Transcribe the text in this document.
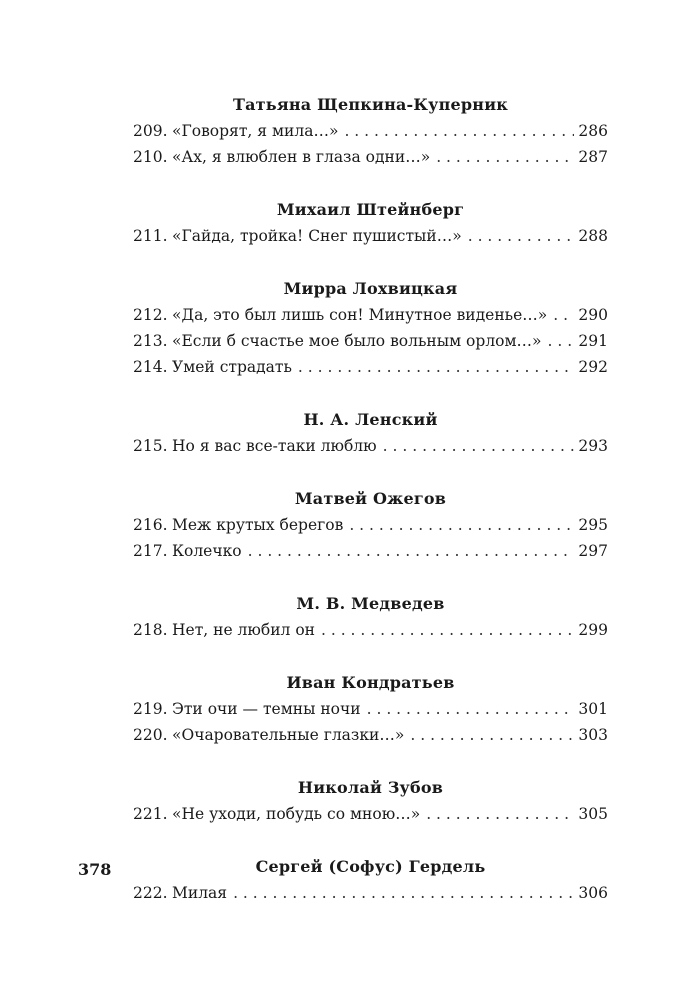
Татьяна Щепкина-Куперник
209. «Говорят, я мила…» . . .	286
210. «Ах, я влюблен в глаза одни…» . . .	287
Михаил Штейнберг
211. «Гайда, тройка! Снег пушистый…» . . .	288
Мирра Лохвицкая
212. «Да, это был лишь сон! Минутное виденье…» . . . 290
213. «Если б счастье мое было вольным орлом…» . . . 291
214. Умей страдать . . .	292
Н. А. Ленский
215. Но я вас все-таки люблю . . .	293
Матвей Ожегов
216. Меж крутых берегов . . .	295
217. Колечко . . .	297
М. В. Медведев
218. Нет, не любил он . . .	299
Иван Кондратьев
219. Эти очи — темны ночи . . .	301
220. «Очаровательные глазки…» . . .	303
Николай Зубов
221. «Не уходи, побудь со мною…» . . .	305
Сергей (Софус) Гердель
222. Милая . . .	306
378
